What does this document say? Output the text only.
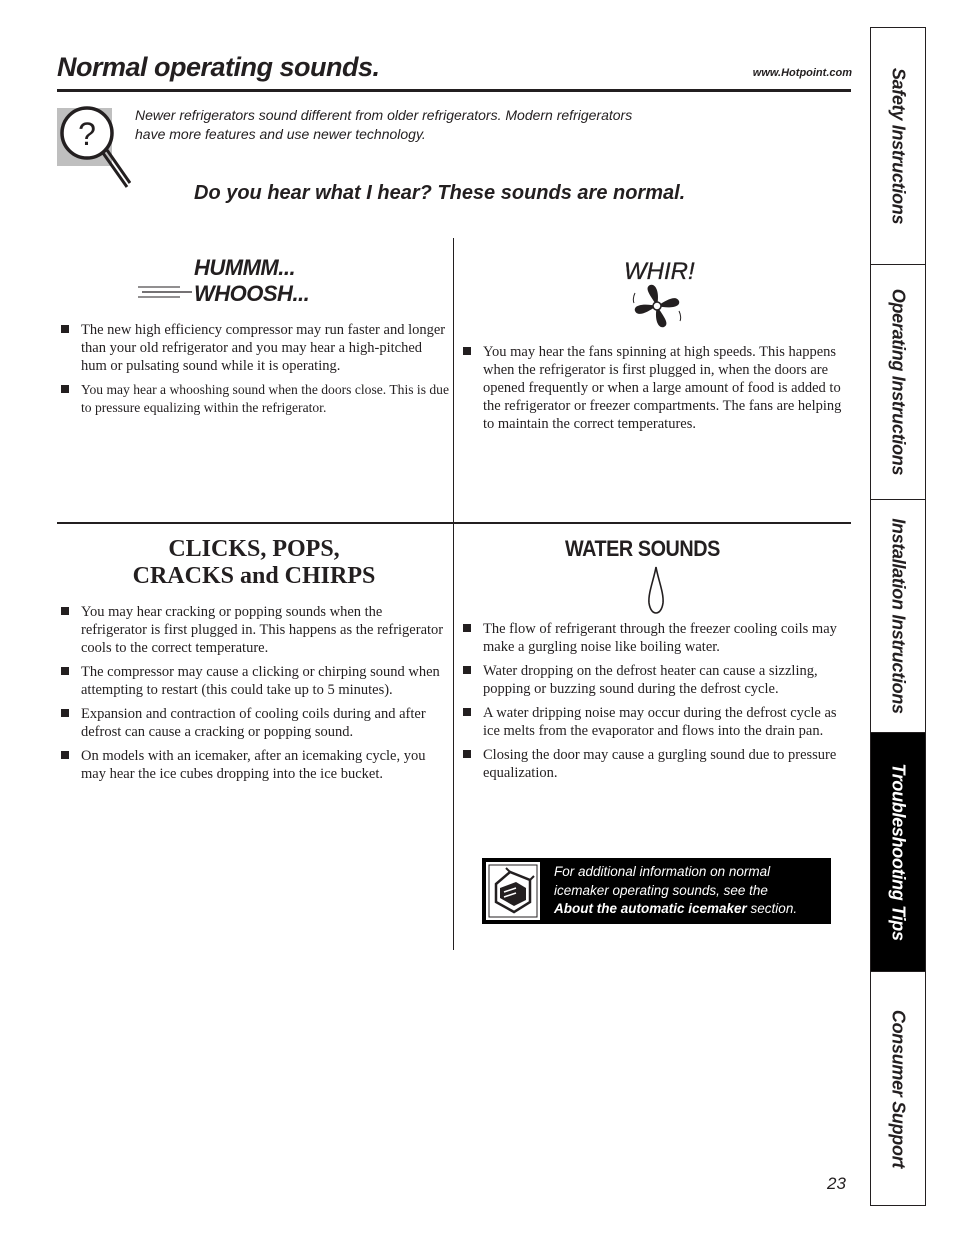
Normal operating sounds.	www.Hotpoint.com
?
Newer refrigerators sound different from older refrigerators. Modern refrigerators
have more features and use newer technology.
Do you hear what I hear? These sounds are normal.
HUMMM...
WHOOSH...
The new high efficiency compressor may run faster and longer than your old refrigerator and you may hear a high-pitched hum or pulsating sound while it is operating.
You may hear a whooshing sound when the doors close. This is due to pressure equalizing within the refrigerator.
WHIR!
You may hear the fans spinning at high speeds. This happens when the refrigerator is first plugged in, when the doors are opened frequently or when a large amount of food is added to the refrigerator or freezer compartments. The fans are helping to maintain the correct temperatures.
CLICKS, POPS,
CRACKS and CHIRPS
You may hear cracking or popping sounds when the refrigerator is first plugged in. This happens as the refrigerator cools to the correct temperature.
The compressor may cause a clicking or chirping sound when attempting to restart (this could take up to 5 minutes).
Expansion and contraction of cooling coils during and after defrost can cause a cracking or popping sound.
On models with an icemaker, after an icemaking cycle, you may hear the ice cubes dropping into the ice bucket.
WATER SOUNDS
The flow of refrigerant through the freezer cooling coils may make a gurgling noise like boiling water.
Water dropping on the defrost heater can cause a sizzling, popping or buzzing sound during the defrost cycle.
A water dripping noise may occur during the defrost cycle as ice melts from the evaporator and flows into the drain pan.
Closing the door may cause a gurgling sound due to pressure equalization.
For additional information on normal
icemaker operating sounds, see the
About the automatic icemaker section.
Safety Instructions
Operating Instructions
Installation Instructions
Troubleshooting Tips
Consumer Support
23
